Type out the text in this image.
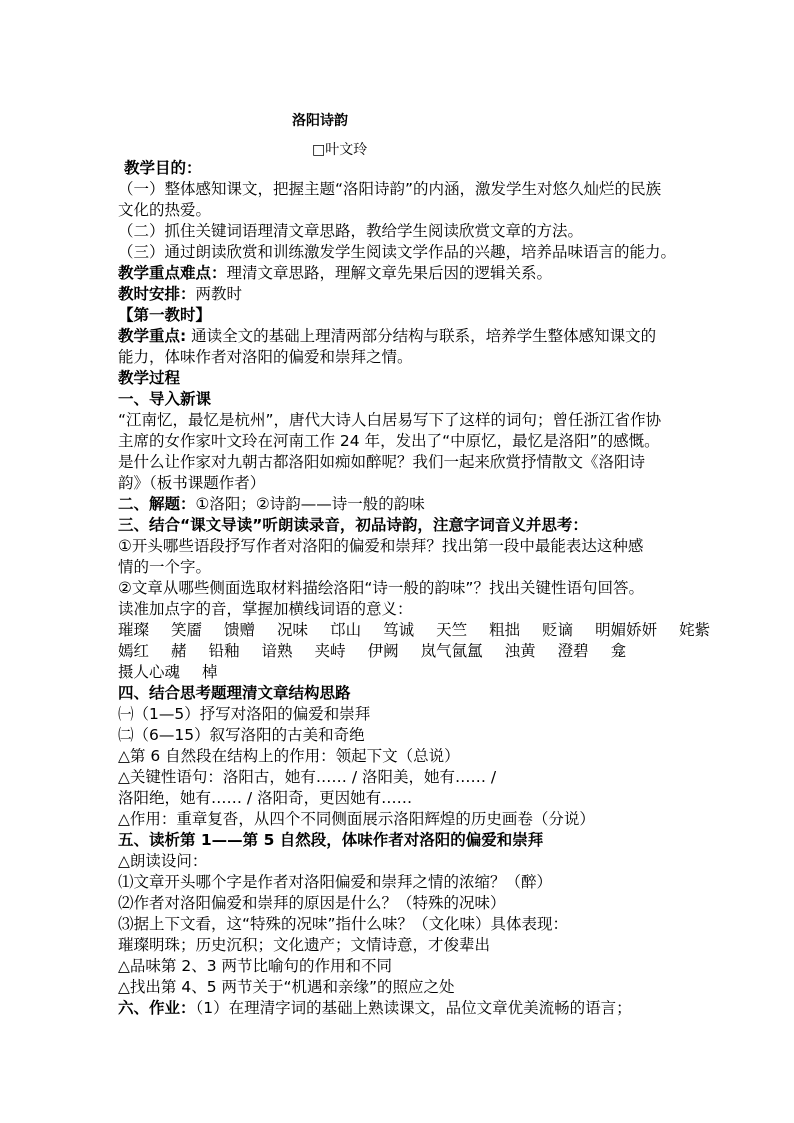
洛阳诗韵
□叶文玲
教学目的：
（一）整体感知课文，把握主题“洛阳诗韵”的内涵，激发学生对悠久灿烂的民族
文化的热爱。
（二）抓住关键词语理清文章思路，教给学生阅读欣赏文章的方法。
（三）通过朗读欣赏和训练激发学生阅读文学作品的兴趣，培养品味语言的能力。
教学重点难点：理清文章思路，理解文章先果后因的逻辑关系。
教时安排：两教时
【第一教时】
教学重点: 通读全文的基础上理清两部分结构与联系，培养学生整体感知课文的
能力，体味作者对洛阳的偏爱和崇拜之情。
教学过程
一、导入新课
“江南忆，最忆是杭州”，唐代大诗人白居易写下了这样的词句；曾任浙江省作协
主席的女作家叶文玲在河南工作 24 年，发出了“中原忆，最忆是洛阳”的感慨。
是什么让作家对九朝古都洛阳如痴如醉呢？我们一起来欣赏抒情散文《洛阳诗
韵》（板书课题作者）
二、解题：①洛阳；②诗韵——诗一般的韵味
三、结合“课文导读”听朗读录音，初品诗韵，注意字词音义并思考：
①开头哪些语段抒写作者对洛阳的偏爱和崇拜？找出第一段中最能表达这种感
情的一个字。
②文章从哪些侧面选取材料描绘洛阳“诗一般的韵味”？找出关键性语句回答。
读准加点字的音，掌握加横线词语的意义：
璀璨 笑靥 馈赠 况味 邙山 笃诚 天竺 粗拙 贬谪 明媚娇妍 姹紫
嫣红 赭 铅釉 谙熟 夹峙 伊阙 岚气氤氲 浊黄 澄碧 龛
摄人心魂 棹
四、结合思考题理清文章结构思路
㈠（1—5）抒写对洛阳的偏爱和崇拜
㈡（6—15）叙写洛阳的古美和奇绝
△第 6 自然段在结构上的作用：领起下文（总说）
△关键性语句：洛阳古，她有…… / 洛阳美，她有…… /
洛阳绝，她有…… / 洛阳奇，更因她有……
△作用：重章复沓，从四个不同侧面展示洛阳辉煌的历史画卷（分说）
五、读析第 1——第 5 自然段，体味作者对洛阳的偏爱和崇拜
△朗读设问：
⑴文章开头哪个字是作者对洛阳偏爱和崇拜之情的浓缩？（醉）
⑵作者对洛阳偏爱和崇拜的原因是什么？（特殊的况味）
⑶据上下文看，这“特殊的况味”指什么味？（文化味）具体表现：
璀璨明珠；历史沉积；文化遗产；文情诗意，才俊辈出
△品味第 2、3 两节比喻句的作用和不同
△找出第 4、5 两节关于“机遇和亲缘”的照应之处
六、作业：（1）在理清字词的基础上熟读课文，品位文章优美流畅的语言；
